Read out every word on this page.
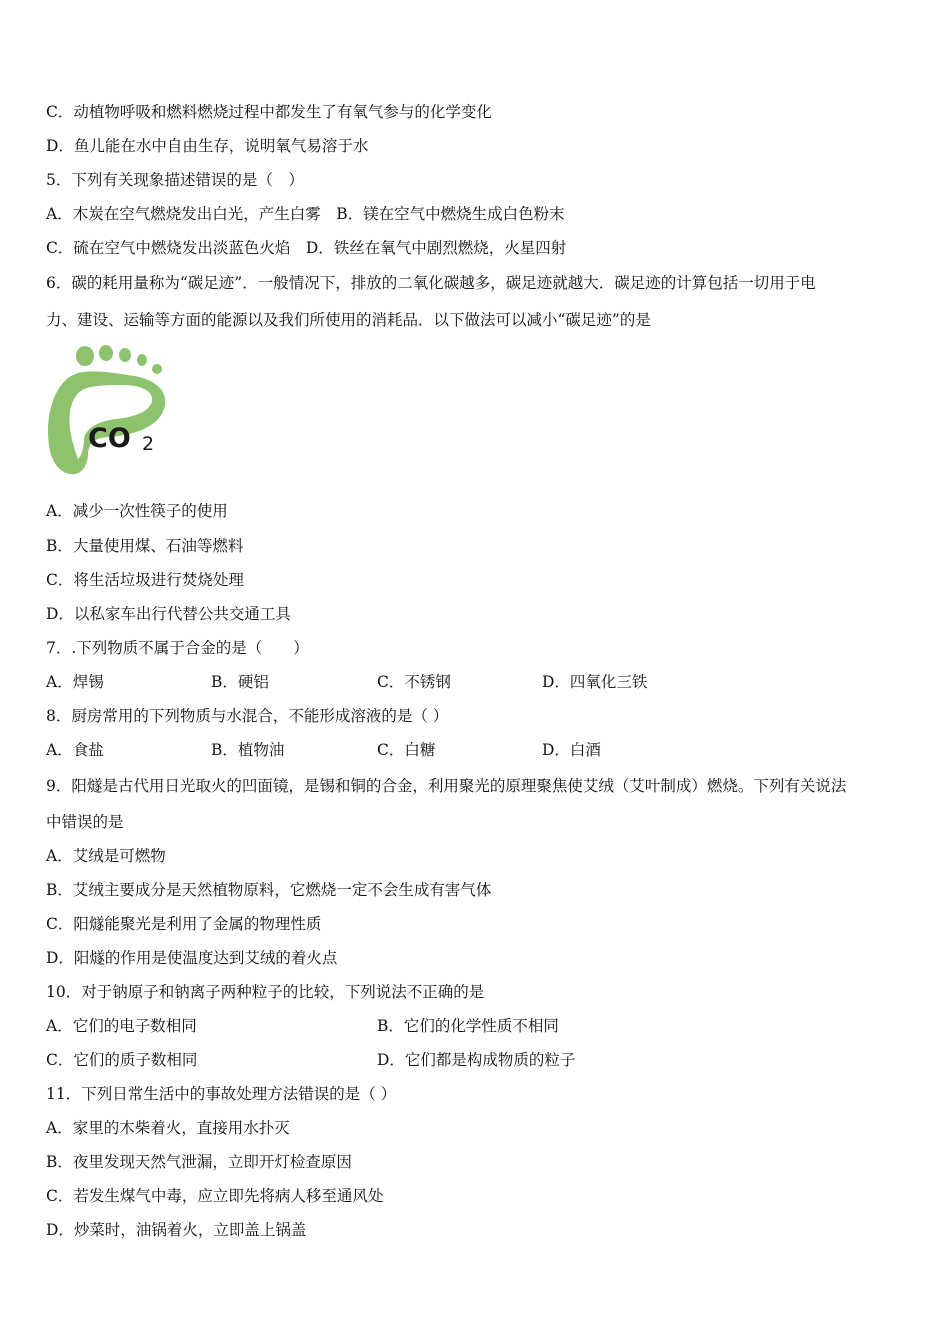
C．动植物呼吸和燃料燃烧过程中都发生了有氧气参与的化学变化
D．鱼儿能在水中自由生存，说明氧气易溶于水
5．下列有关现象描述错误的是（　）
A．木炭在空气燃烧发出白光，产生白雾　B．镁在空气中燃烧生成白色粉末
C．硫在空气中燃烧发出淡蓝色火焰　D．铁丝在氧气中剧烈燃烧，火星四射
6．碳的耗用量称为“碳足迹”．一般情况下，排放的二氧化碳越多，碳足迹就越大．碳足迹的计算包括一切用于电
力、建设、运输等方面的能源以及我们所使用的消耗品．以下做法可以减小“碳足迹”的是
CO 2
A．减少一次性筷子的使用
B．大量使用煤、石油等燃料
C．将生活垃圾进行焚烧处理
D．以私家车出行代替公共交通工具
7．.下列物质不属于合金的是（　　）
A．焊锡	B．硬铝	C．不锈钢	D．四氧化三铁
8．厨房常用的下列物质与水混合，不能形成溶液的是（ ）
A．食盐	B．植物油	C．白糖	D．白酒
9．阳燧是古代用日光取火的凹面镜，是锡和铜的合金，利用聚光的原理聚焦使艾绒（艾叶制成）燃烧。下列有关说法
中错误的是
A．艾绒是可燃物
B．艾绒主要成分是天然植物原料，它燃烧一定不会生成有害气体
C．阳燧能聚光是利用了金属的物理性质
D．阳燧的作用是使温度达到艾绒的着火点
10．对于钠原子和钠离子两种粒子的比较，下列说法不正确的是
A．它们的电子数相同	B．它们的化学性质不相同
C．它们的质子数相同	D．它们都是构成物质的粒子
11．下列日常生活中的事故处理方法错误的是（ ）
A．家里的木柴着火，直接用水扑灭
B．夜里发现天然气泄漏，立即开灯检查原因
C．若发生煤气中毒，应立即先将病人移至通风处
D．炒菜时，油锅着火，立即盖上锅盖
